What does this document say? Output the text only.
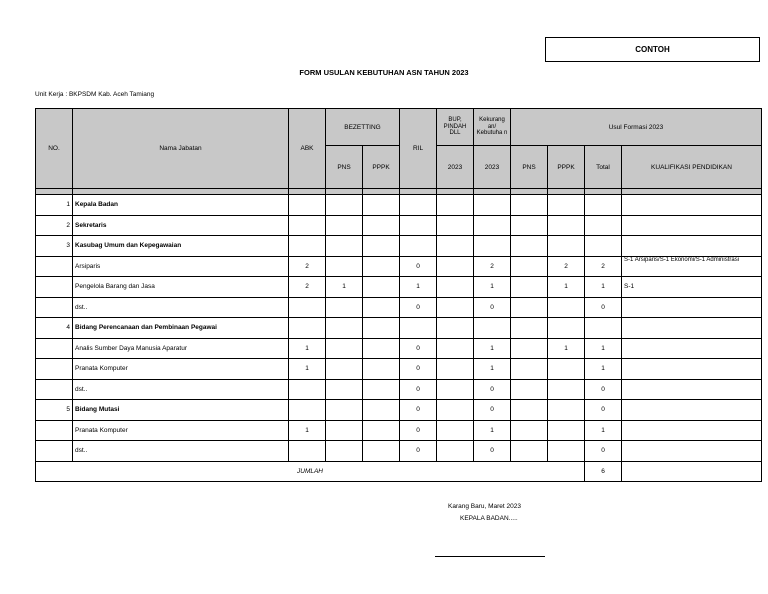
CONTOH
FORM USULAN KEBUTUHAN ASN TAHUN 2023
Unit Kerja : BKPSDM Kab. Aceh Tamiang
NO.	Nama Jabatan	ABK	BEZETTING		RIL	BUP, PINDAH DLL	Kekurang an/ Kebutuha n	Usul Formasi 2023			
			PNS	PPPK		2023	2023	PNS	PPPK	Total	KUALIFIKASI PENDIDIKAN

1	Kepala Badan										
2	Sekretaris										
3	Kasubag Umum dan Kepegawaian										
	Arsiparis	2			0		2		2	2	S-1 Arsiparis/S-1 Ekonomi/S-1 Administrasi
	Pengelola Barang dan Jasa	2	1		1		1		1	1	S-1
	dst..				0		0			0	
4	Bidang Perencanaan dan Pembinaan Pegawai										
	Analis Sumber Daya Manusia Aparatur	1			0		1		1	1	
	Pranata Komputer	1			0		1			1	
	dst..				0		0			0	
5	Bidang Mutasi				0		0			0	
	Pranata Komputer	1			0		1			1	
	dst..				0		0			0	
JUMLAH										6	
Karang Baru, Maret 2023
KEPALA BADAN.....
